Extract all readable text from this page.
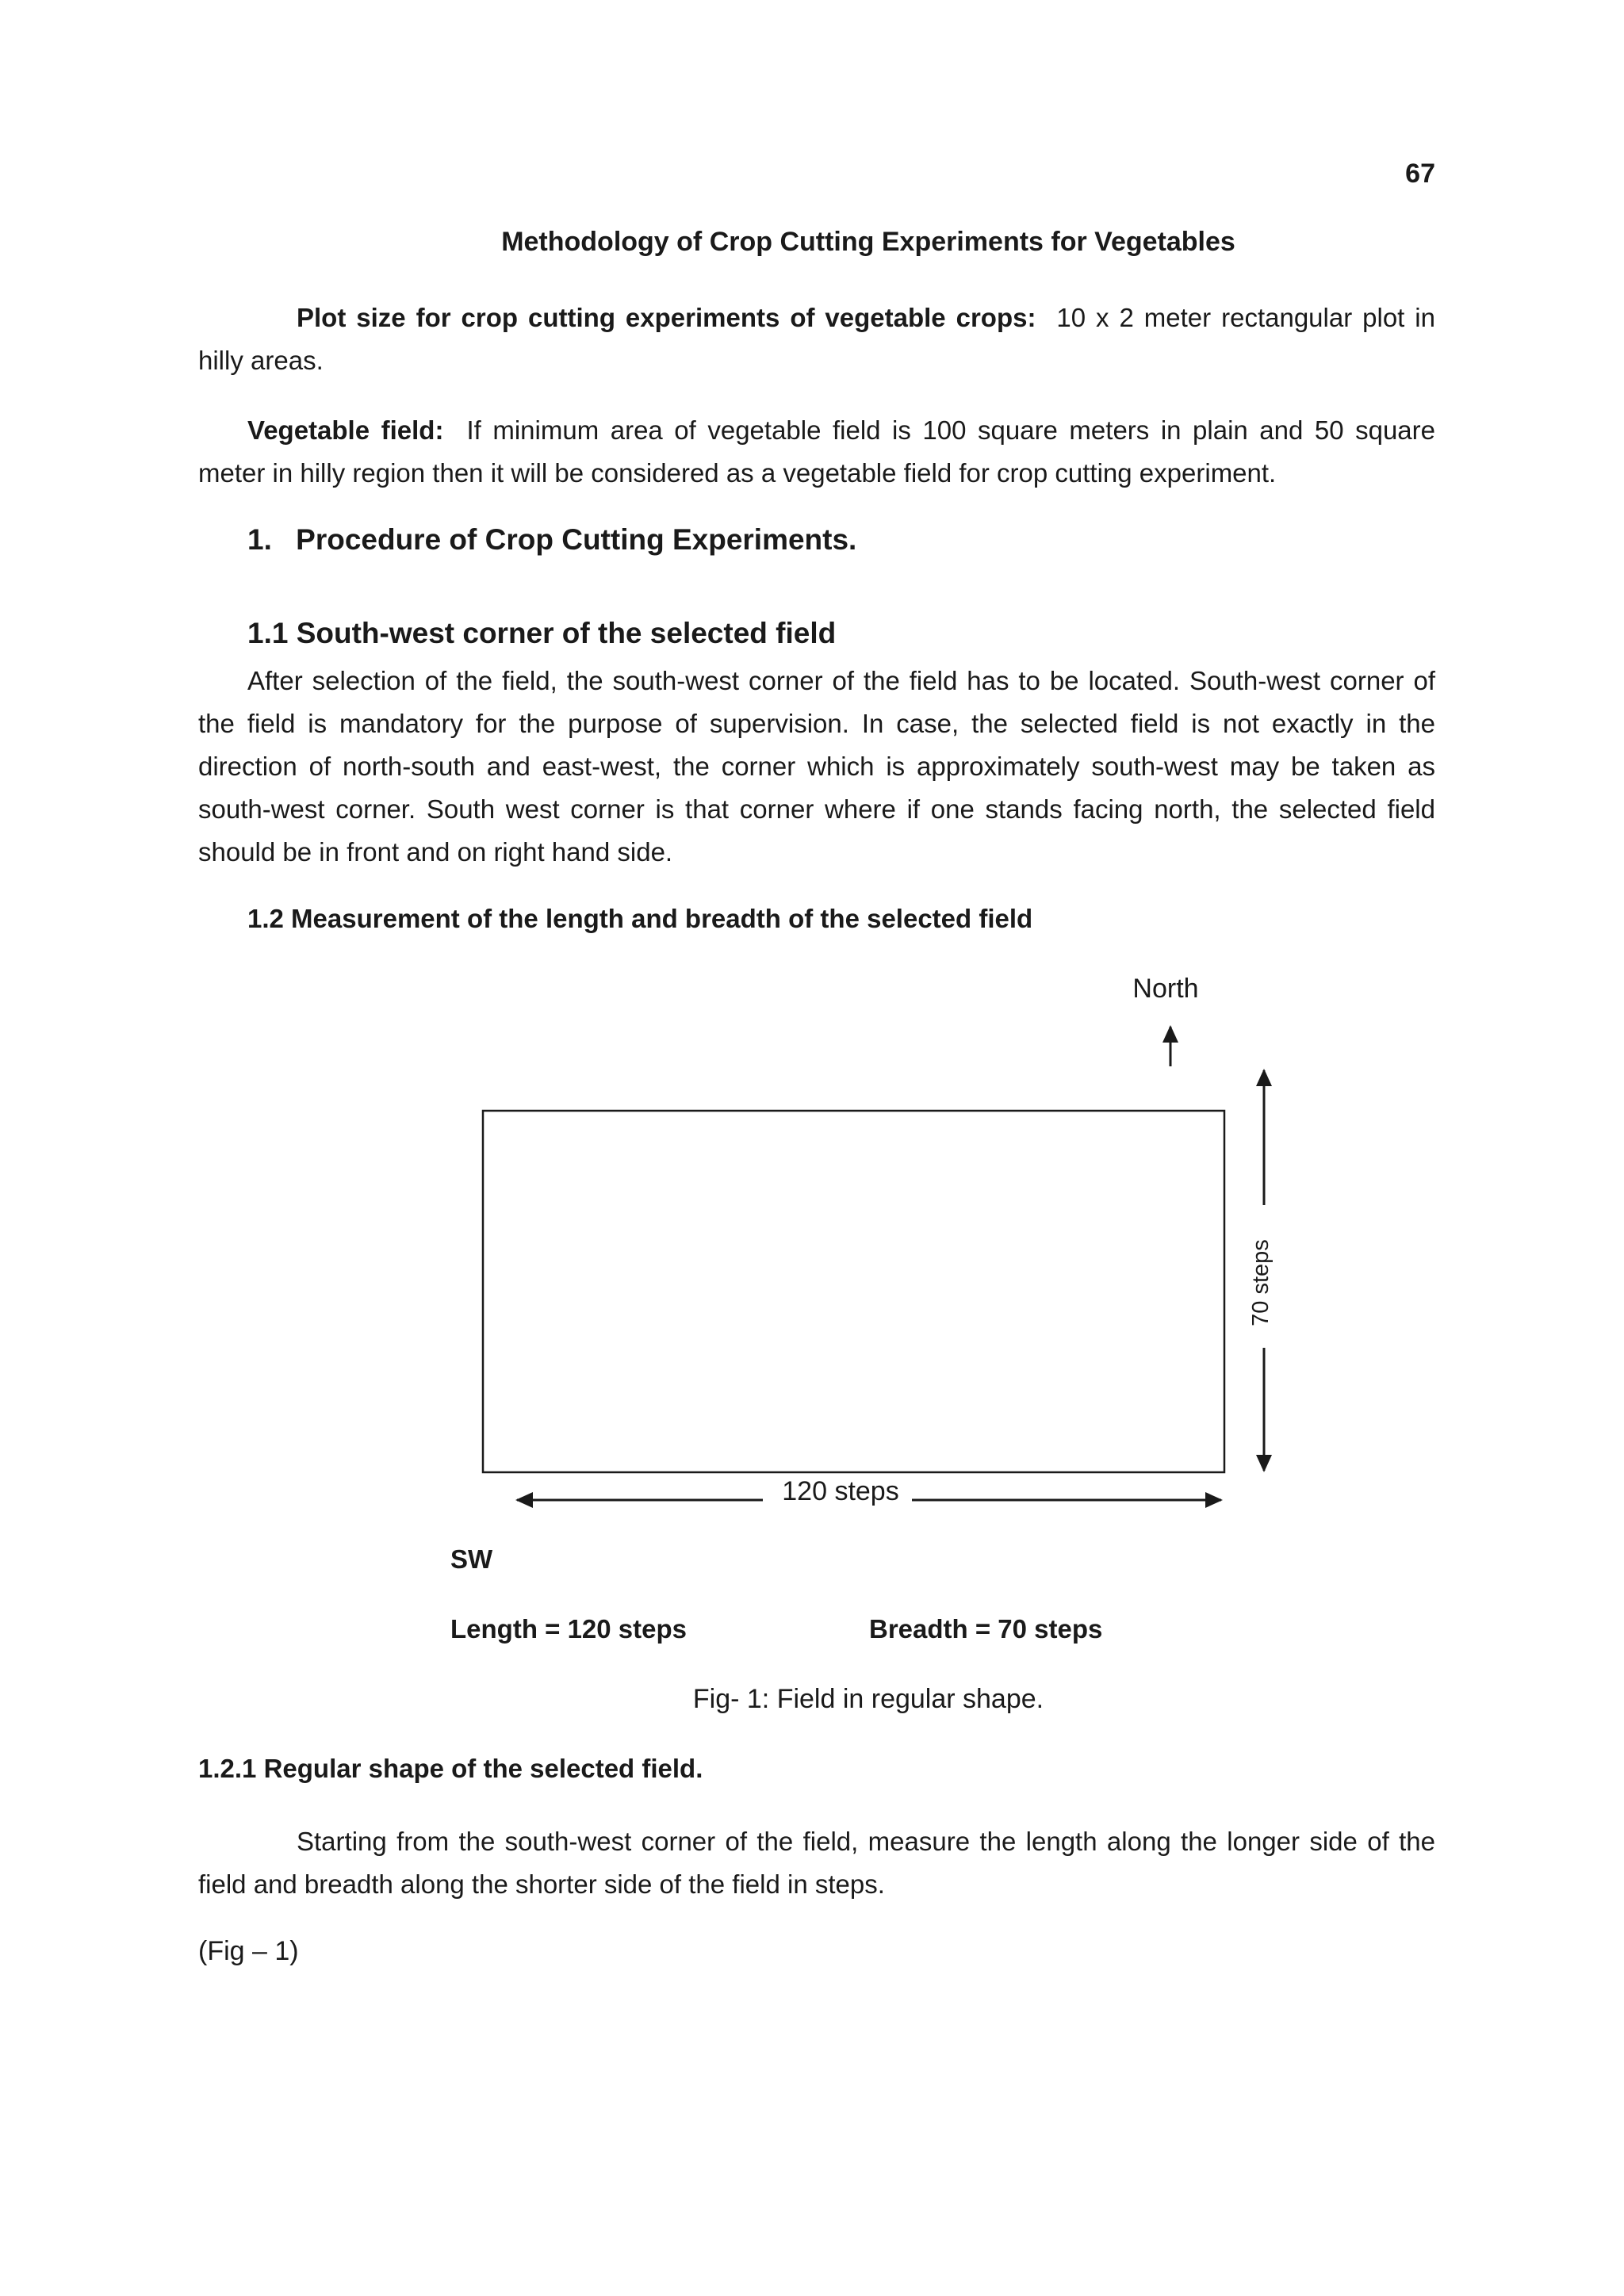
67
Methodology of Crop Cutting Experiments for Vegetables
Plot size for crop cutting experiments of vegetable crops: 10 x 2 meter rectangular plot in hilly areas.
Vegetable field: If minimum area of vegetable field is 100 square meters in plain and 50 square meter in hilly region then it will be considered as a vegetable field for crop cutting experiment.
1. Procedure of Crop Cutting Experiments.
1.1 South-west corner of the selected field
After selection of the field, the south-west corner of the field has to be located. South-west corner of the field is mandatory for the purpose of supervision. In case, the selected field is not exactly in the direction of north-south and east-west, the corner which is approximately south-west may be taken as south-west corner. South west corner is that corner where if one stands facing north, the selected field should be in front and on right hand side.
1.2 Measurement of the length and breadth of the selected field
North
120 steps
70 steps
SW
Length = 120 steps	Breadth = 70 steps
Fig- 1: Field in regular shape.
1.2.1 Regular shape of the selected field.
Starting from the south-west corner of the field, measure the length along the longer side of the field and breadth along the shorter side of the field in steps.
(Fig – 1)
